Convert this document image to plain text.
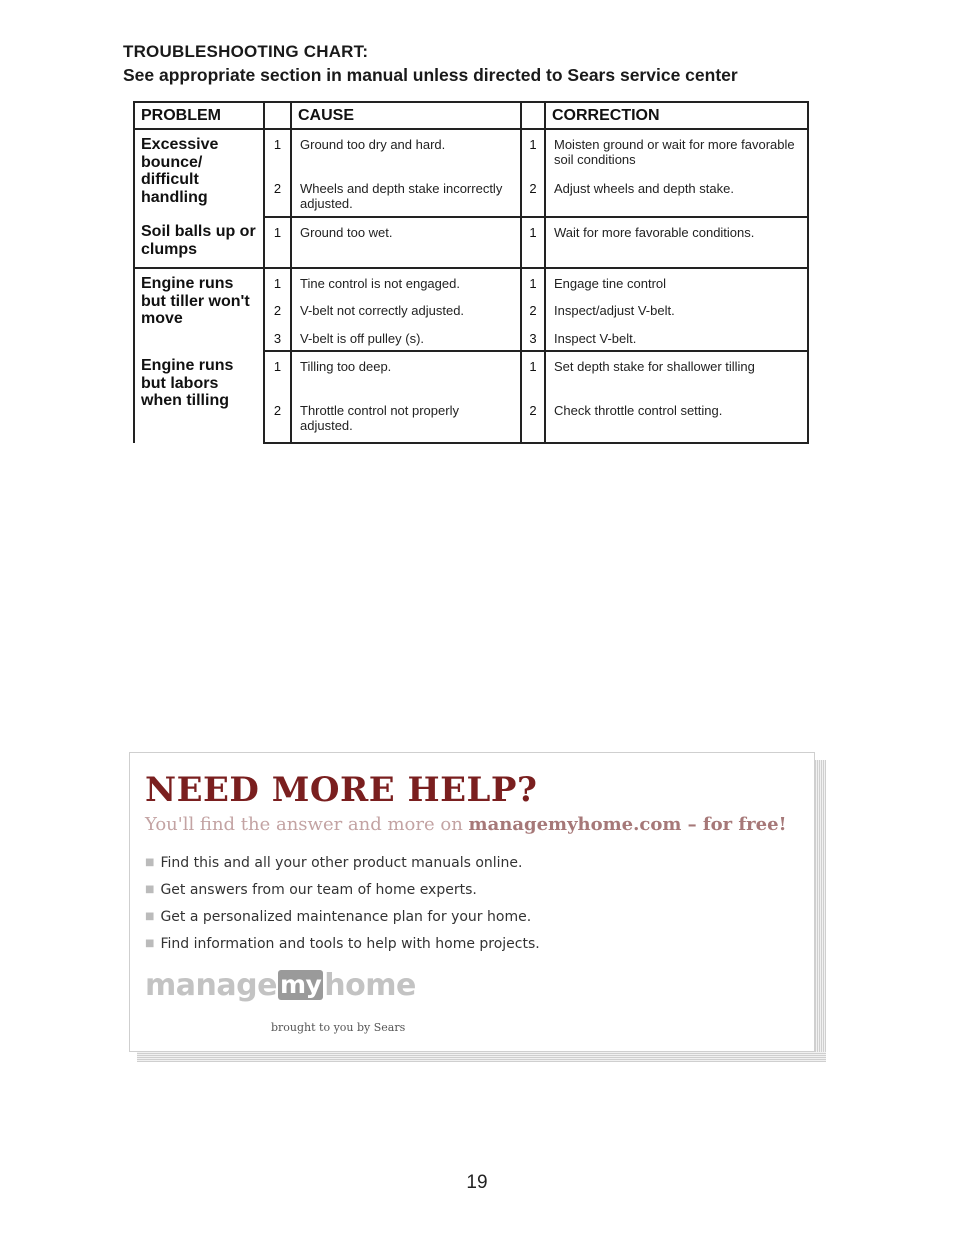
TROUBLESHOOTING CHART:
See appropriate section in manual unless directed to Sears service center
PROBLEM		CAUSE		CORRECTION
Excessive bounce/ difficult handling	1	Ground too dry and hard.	1	Moisten ground or wait for more favorable soil conditions
	2	Wheels and depth stake incorrectly adjusted.	2	Adjust wheels and depth stake.
Soil balls up or clumps	1	Ground too wet.	1	Wait for more favorable conditions.
Engine runs but tiller won't move	1	Tine control is not engaged.	1	Engage tine control
	2	V-belt not correctly adjusted.	2	Inspect/adjust V-belt.
	3	V-belt is off pulley (s).	3	Inspect V-belt.
Engine runs but labors when tilling	1	Tilling too deep.	1	Set depth stake for shallower tilling
	2	Throttle control not properly adjusted.	2	Check throttle control setting.
NEED MORE HELP?
You'll find the answer and more on managemyhome.com – for free!
■ Find this and all your other product manuals online.
■ Get answers from our team of home experts.
■ Get a personalized maintenance plan for your home.
■ Find information and tools to help with home projects.
manage my home
brought to you by Sears
19
